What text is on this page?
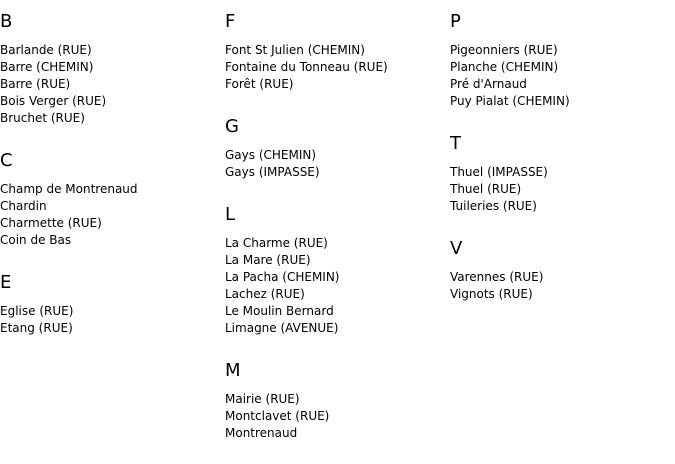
B
Barlande (RUE)
Barre (CHEMIN)
Barre (RUE)
Bois Verger (RUE)
Bruchet (RUE)
C
Champ de Montrenaud
Chardin
Charmette (RUE)
Coin de Bas
E
Eglise (RUE)
Etang (RUE)
F
Font St Julien (CHEMIN)
Fontaine du Tonneau (RUE)
Forêt (RUE)
G
Gays (CHEMIN)
Gays (IMPASSE)
L
La Charme (RUE)
La Mare (RUE)
La Pacha (CHEMIN)
Lachez (RUE)
Le Moulin Bernard
Limagne (AVENUE)
M
Mairie (RUE)
Montclavet (RUE)
Montrenaud
P
Pigeonniers (RUE)
Planche (CHEMIN)
Pré d'Arnaud
Puy Pialat (CHEMIN)
T
Thuel (IMPASSE)
Thuel (RUE)
Tuileries (RUE)
V
Varennes (RUE)
Vignots (RUE)
